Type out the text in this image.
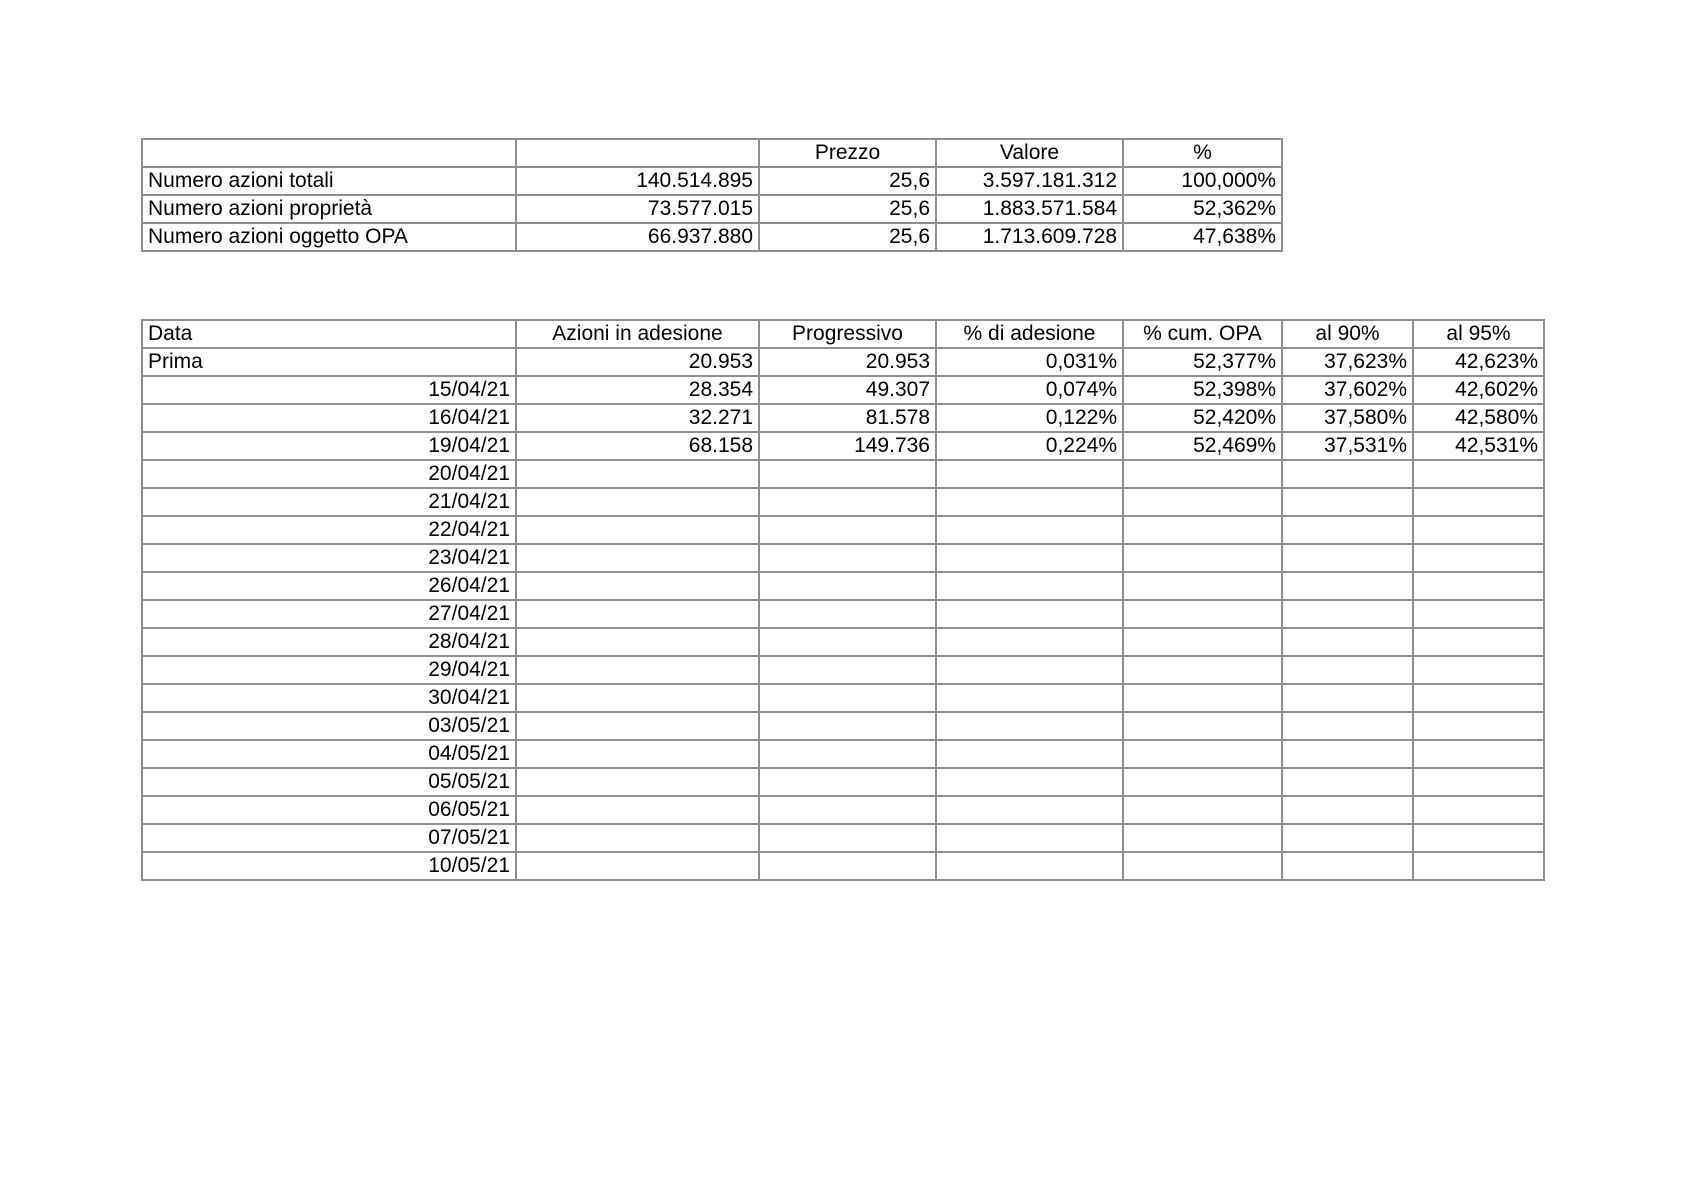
		Prezzo	Valore	%
Numero azioni totali	140.514.895	25,6	3.597.181.312	100,000%
Numero azioni proprietà	73.577.015	25,6	1.883.571.584	52,362%
Numero azioni oggetto OPA	66.937.880	25,6	1.713.609.728	47,638%
Data	Azioni in adesione	Progressivo	% di adesione	% cum. OPA	al 90%	al 95%
Prima	20.953	20.953	0,031%	52,377%	37,623%	42,623%
15/04/21	28.354	49.307	0,074%	52,398%	37,602%	42,602%
16/04/21	32.271	81.578	0,122%	52,420%	37,580%	42,580%
19/04/21	68.158	149.736	0,224%	52,469%	37,531%	42,531%
20/04/21						
21/04/21						
22/04/21						
23/04/21						
26/04/21						
27/04/21						
28/04/21						
29/04/21						
30/04/21						
03/05/21						
04/05/21						
05/05/21						
06/05/21						
07/05/21						
10/05/21						
